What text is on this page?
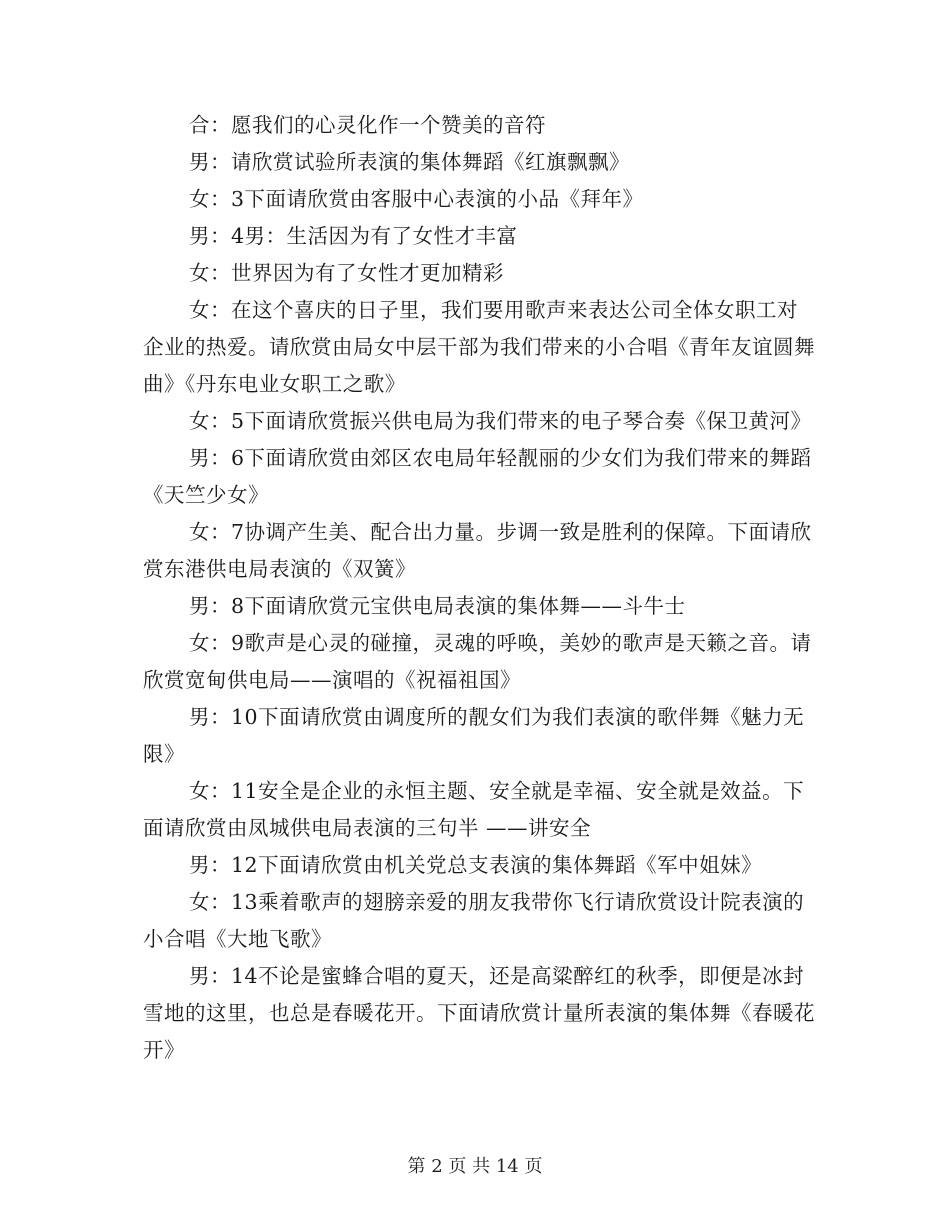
合：愿我们的心灵化作一个赞美的音符

男：请欣赏试验所表演的集体舞蹈《红旗飘飘》

女：3下面请欣赏由客服中心表演的小品《拜年》

男：4男：生活因为有了女性才丰富

女：世界因为有了女性才更加精彩

女：在这个喜庆的日子里，我们要用歌声来表达公司全体女职工对企业的热爱。请欣赏由局女中层干部为我们带来的小合唱《青年友谊圆舞曲》《丹东电业女职工之歌》

女：5下面请欣赏振兴供电局为我们带来的电子琴合奏《保卫黄河》

男：6下面请欣赏由郊区农电局年轻靓丽的少女们为我们带来的舞蹈《天竺少女》

女：7协调产生美、配合出力量。步调一致是胜利的保障。下面请欣赏东港供电局表演的《双簧》

男：8下面请欣赏元宝供电局表演的集体舞——斗牛士

女：9歌声是心灵的碰撞，灵魂的呼唤，美妙的歌声是天籁之音。请欣赏宽甸供电局——演唱的《祝福祖国》

男：10下面请欣赏由调度所的靓女们为我们表演的歌伴舞《魅力无限》

女：11安全是企业的永恒主题、安全就是幸福、安全就是效益。下面请欣赏由凤城供电局表演的三句半 ——讲安全

男：12下面请欣赏由机关党总支表演的集体舞蹈《军中姐妹》

女：13乘着歌声的翅膀亲爱的朋友我带你飞行请欣赏设计院表演的小合唱《大地飞歌》

男：14不论是蜜蜂合唱的夏天，还是高粱醉红的秋季，即便是冰封雪地的这里，也总是春暖花开。下面请欣赏计量所表演的集体舞《春暖花开》

第 2 页 共 14 页
